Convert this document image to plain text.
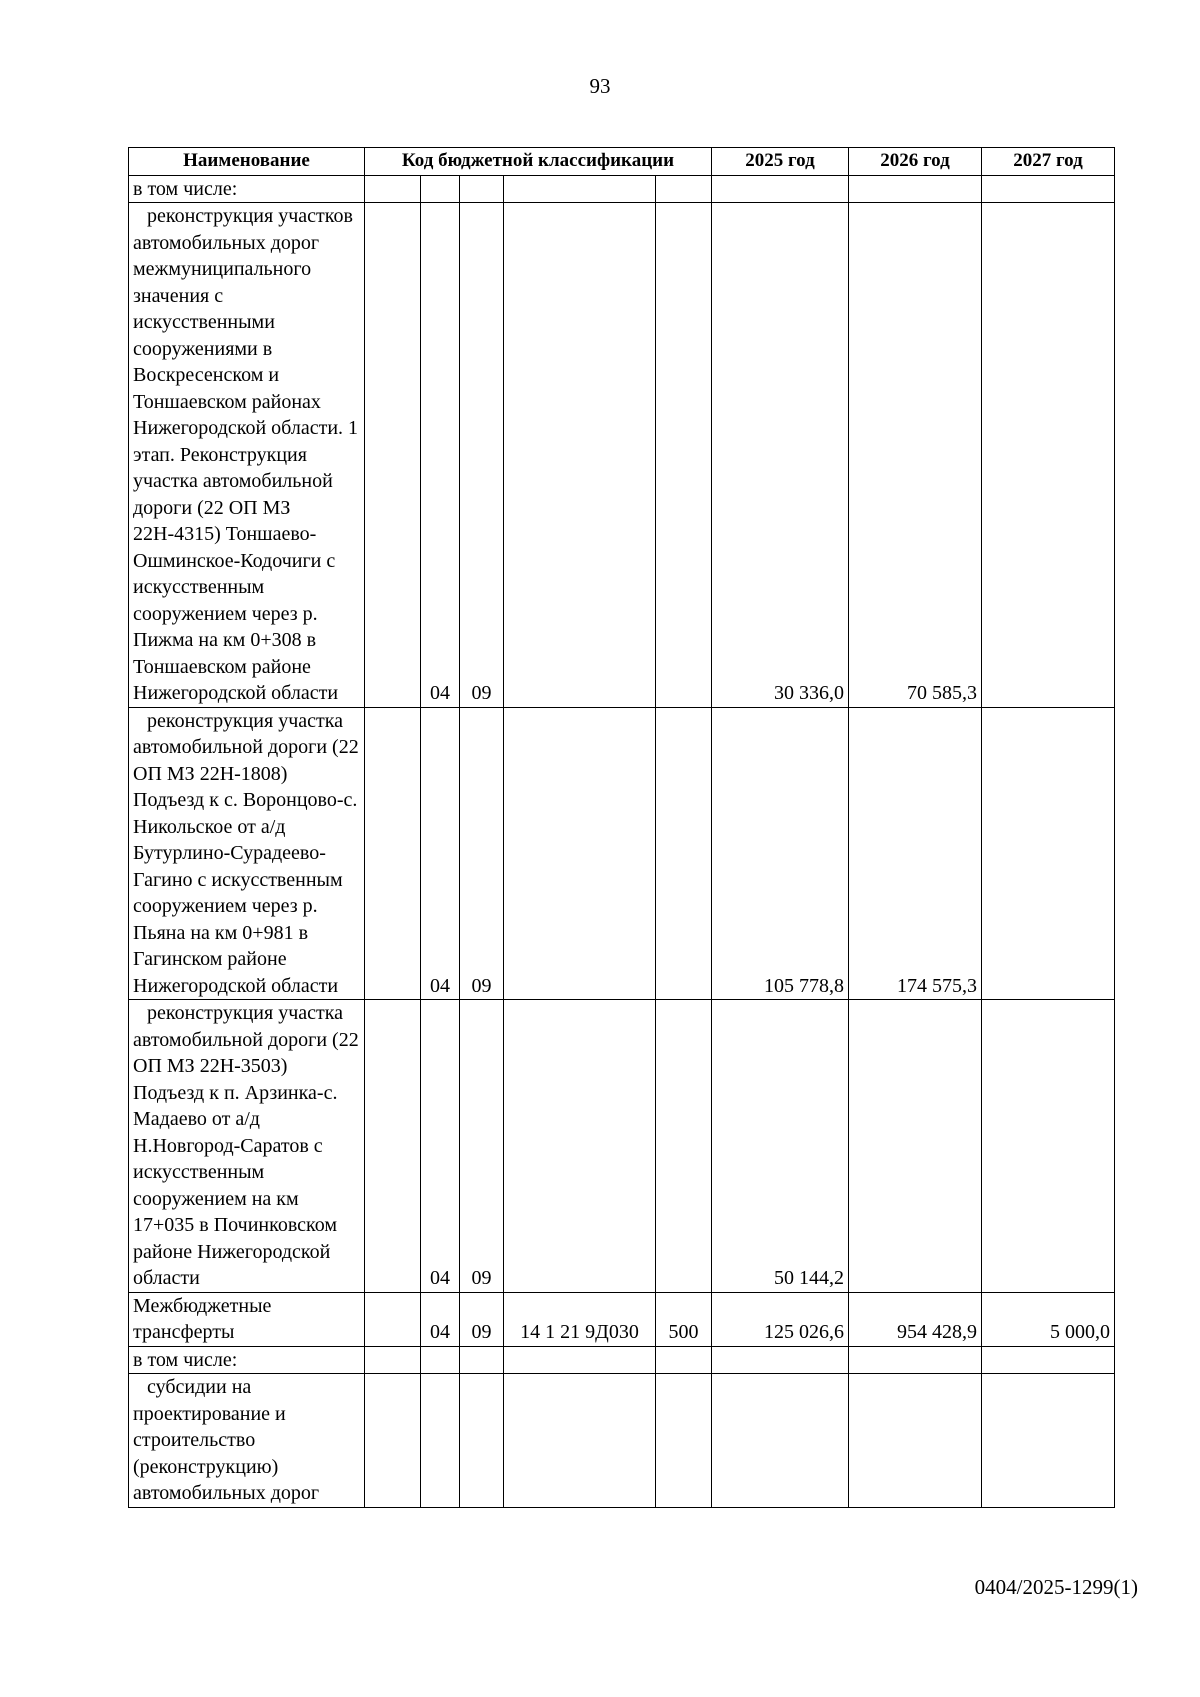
93
Наименование	Код бюджетной классификации					2025 год	2026 год	2027 год
в том числе:								
реконструкция участков автомобильных дорог межмуниципального значения с искусственными сооружениями в Воскресенском и Тоншаевском районах Нижегородской области. 1 этап. Реконструкция участка автомобильной дороги (22 ОП МЗ 22Н-4315) Тоншаево-Ошминское-Кодочиги с искусственным сооружением через р. Пижма на км 0+308 в Тоншаевском районе Нижегородской области		04	09			30 336,0	70 585,3	
реконструкция участка автомобильной дороги (22 ОП МЗ 22Н-1808) Подъезд к с. Воронцово-с. Никольское от а/д Бутурлино-Сурадеево-Гагино с искусственным сооружением через р. Пьяна на км 0+981 в Гагинском районе Нижегородской области		04	09			105 778,8	174 575,3	
реконструкция участка автомобильной дороги (22 ОП МЗ 22Н-3503) Подъезд к п. Арзинка-с. Мадаево от а/д Н.Новгород-Саратов с искусственным сооружением на км 17+035 в Починковском районе Нижегородской области		04	09			50 144,2		
Межбюджетные трансферты		04	09	14 1 21 9Д030	500	125 026,6	954 428,9	5 000,0
в том числе:								
субсидии на проектирование и строительство (реконструкцию) автомобильных дорог								
0404/2025-1299(1)
